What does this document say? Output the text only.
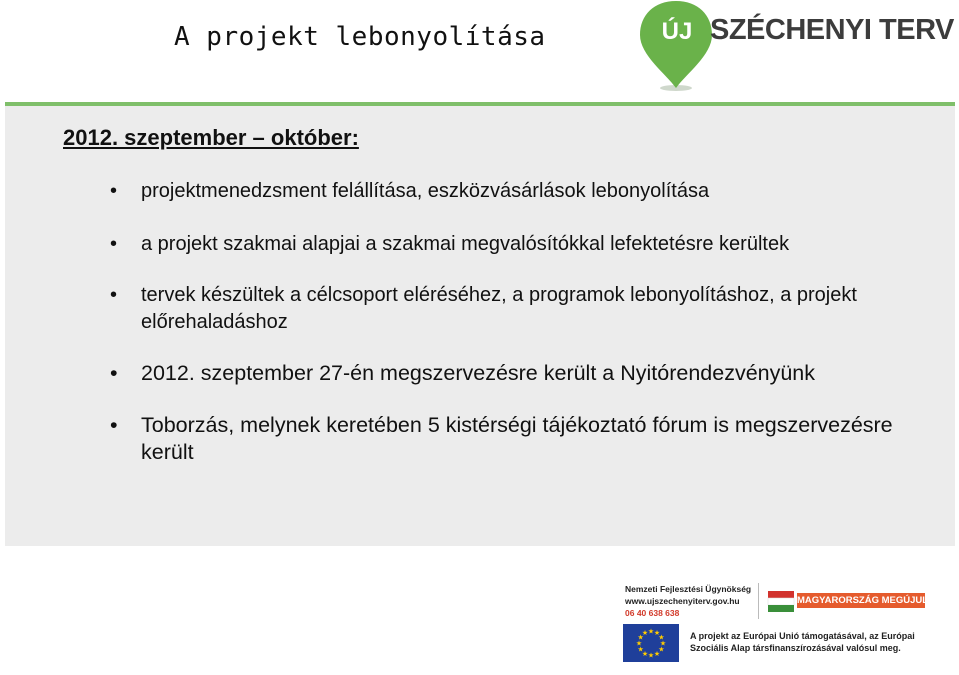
A projekt lebonyolítása	ÚJ SZÉCHENYI TERV
2012. szeptember – október:
• projektmenedzsment felállítása, eszközvásárlások lebonyolítása
• a projekt szakmai alapjai a szakmai megvalósítókkal lefektetésre kerültek
• tervek készültek a célcsoport eléréséhez, a programok lebonyolításhoz, a projekt előrehaladáshoz
• 2012. szeptember 27-én megszervezésre került a Nyitórendezvényünk
• Toborzás, melynek keretében 5 kistérségi tájékoztató fórum is megszervezésre került
Nemzeti Fejlesztési Ügynökség
www.ujszechenyiterv.gov.hu
06 40 638 638
MAGYARORSZÁG MEGÚJUL
★
★
★
★
★
★
★
★
★ ★ ★
★	A projekt az Európai Unió támogatásával, az Európai
Szociális Alap társfinanszírozásával valósul meg.
